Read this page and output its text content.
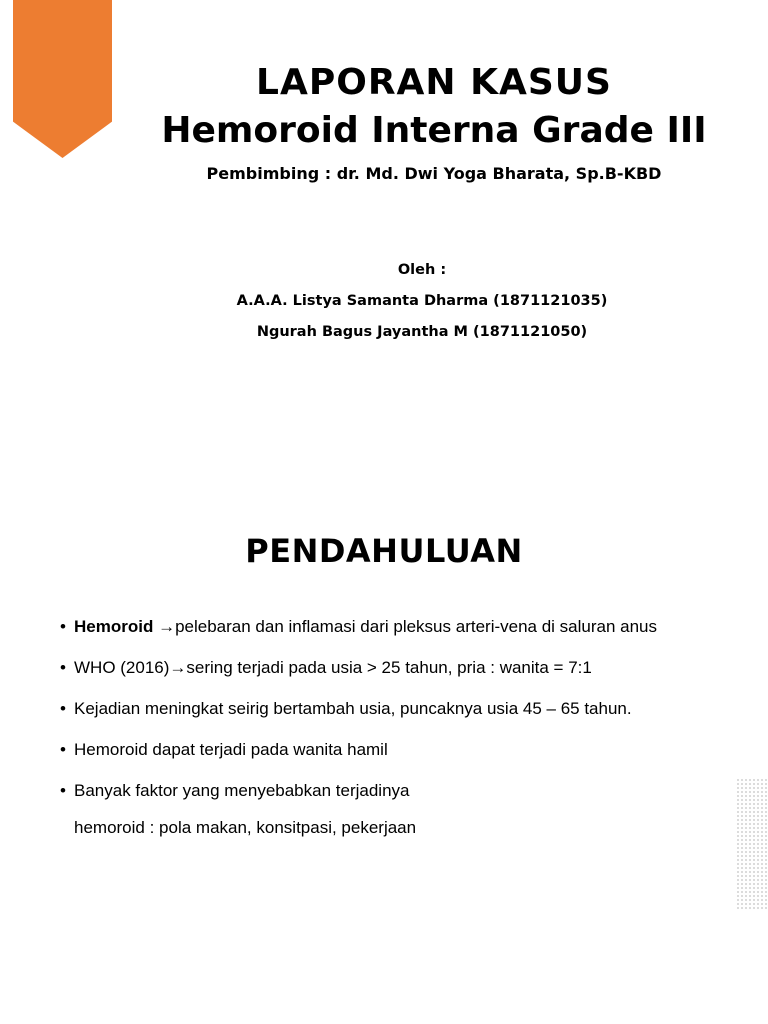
LAPORAN KASUS
Hemoroid Interna Grade III
Pembimbing : dr. Md. Dwi Yoga Bharata, Sp.B-KBD
Oleh :
A.A.A. Listya Samanta Dharma (1871121035)
Ngurah Bagus Jayantha M (1871121050)
PENDAHULUAN
• Hemoroid →pelebaran dan inflamasi dari pleksus arteri-vena di saluran anus
• WHO (2016)→sering terjadi pada usia > 25 tahun, pria : wanita = 7:1
• Kejadian meningkat seirig bertambah usia, puncaknya usia 45 – 65 tahun.
• Hemoroid dapat terjadi pada wanita hamil
• Banyak faktor yang menyebabkan terjadinya
hemoroid : pola makan, konsitpasi, pekerjaan
